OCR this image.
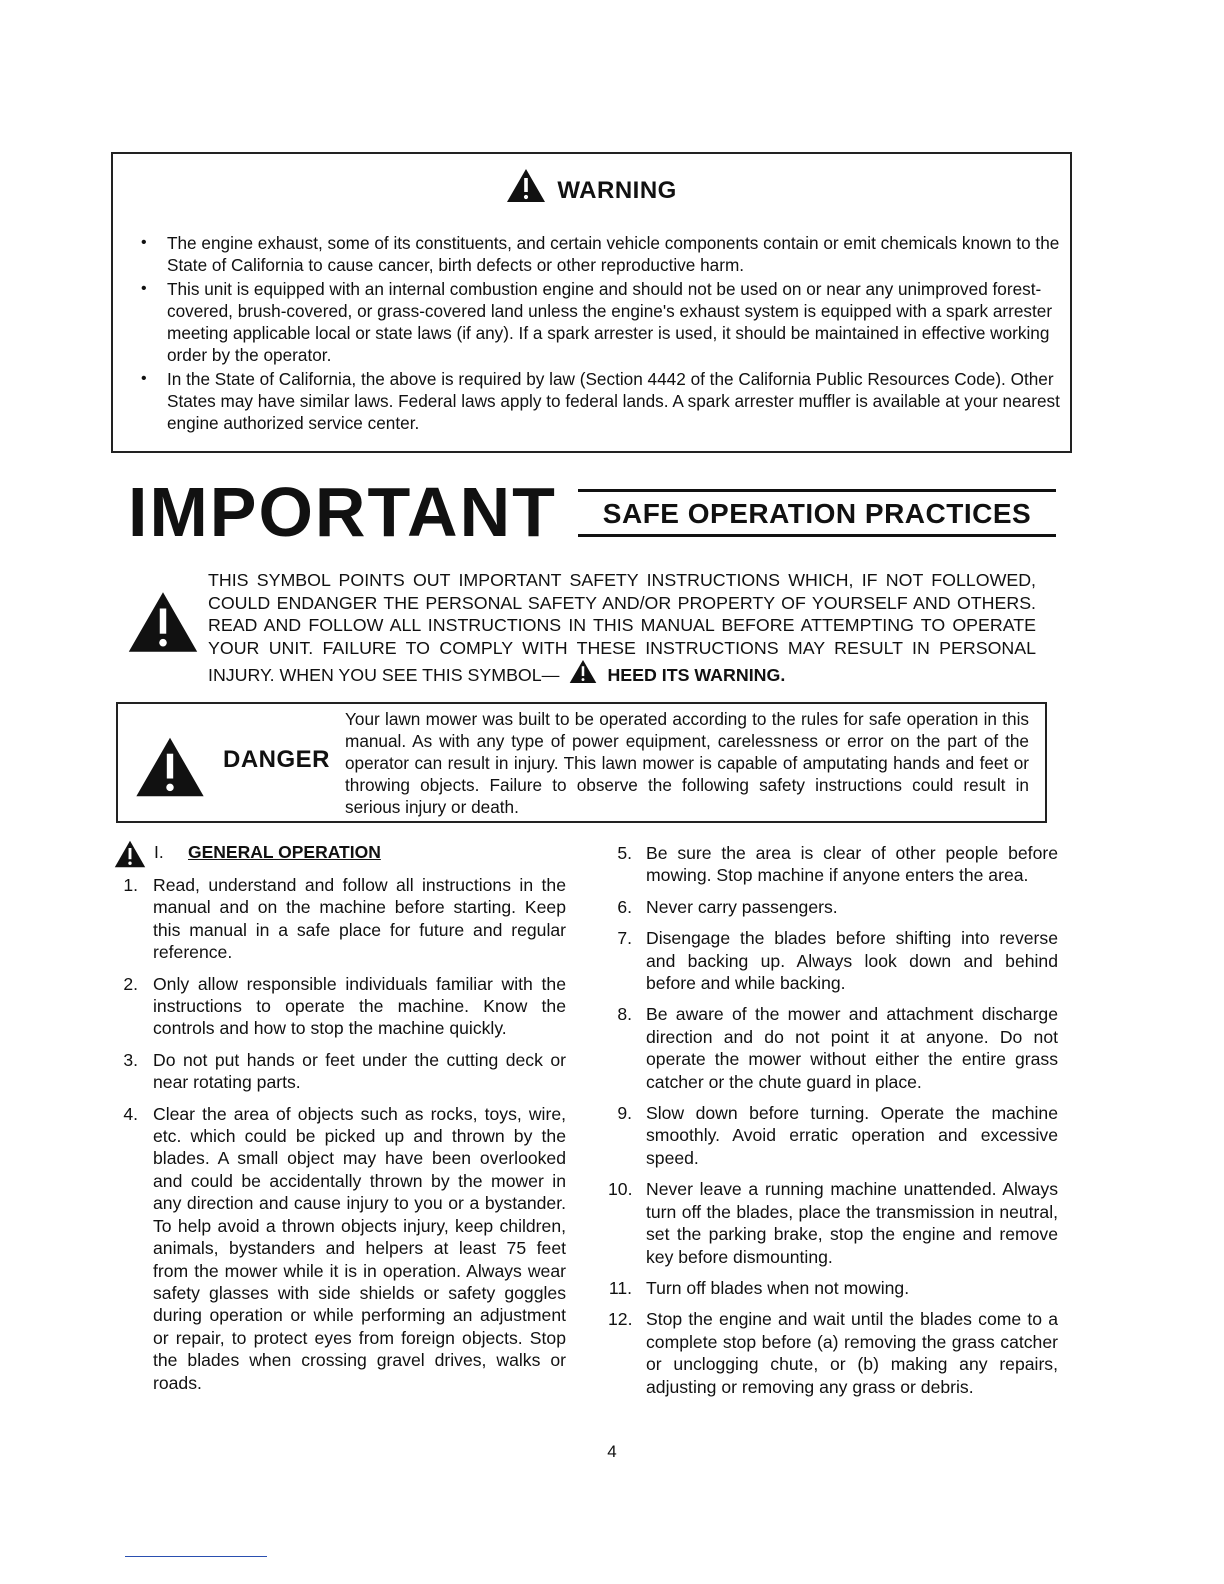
WARNING
• The engine exhaust, some of its constituents, and certain vehicle components contain or emit chemicals known to the State of California to cause cancer, birth defects or other reproductive harm.
• This unit is equipped with an internal combustion engine and should not be used on or near any unimproved forest-covered, brush-covered, or grass-covered land unless the engine's exhaust system is equipped with a spark arrester meeting applicable local or state laws (if any). If a spark arrester is used, it should be maintained in effective working order by the operator.
• In the State of California, the above is required by law (Section 4442 of the California Public Resources Code). Other States may have similar laws. Federal laws apply to federal lands. A spark arrester muffler is available at your nearest engine authorized service center.
IMPORTANT	SAFE OPERATION PRACTICES
THIS SYMBOL POINTS OUT IMPORTANT SAFETY INSTRUCTIONS WHICH, IF NOT FOLLOWED, COULD ENDANGER THE PERSONAL SAFETY AND/OR PROPERTY OF YOURSELF AND OTHERS. READ AND FOLLOW ALL INSTRUCTIONS IN THIS MANUAL BEFORE ATTEMPTING TO OPERATE YOUR UNIT. FAILURE TO COMPLY WITH THESE INSTRUCTIONS MAY RESULT IN PERSONAL INJURY. WHEN YOU SEE THIS SYMBOL—	HEED ITS WARNING.
DANGER
Your lawn mower was built to be operated according to the rules for safe operation in this manual. As with any type of power equipment, carelessness or error on the part of the operator can result in injury. This lawn mower is capable of amputating hands and feet or throwing objects. Failure to observe the following safety instructions could result in serious injury or death.
I. GENERAL OPERATION
1. Read, understand and follow all instructions in the manual and on the machine before starting. Keep this manual in a safe place for future and regular reference.
2. Only allow responsible individuals familiar with the instructions to operate the machine. Know the controls and how to stop the machine quickly.
3. Do not put hands or feet under the cutting deck or near rotating parts.
4. Clear the area of objects such as rocks, toys, wire, etc. which could be picked up and thrown by the blades. A small object may have been overlooked and could be accidentally thrown by the mower in any direction and cause injury to you or a bystander. To help avoid a thrown objects injury, keep children, animals, bystanders and helpers at least 75 feet from the mower while it is in operation. Always wear safety glasses with side shields or safety goggles during operation or while performing an adjustment or repair, to protect eyes from foreign objects. Stop the blades when crossing gravel drives, walks or roads.
5. Be sure the area is clear of other people before mowing. Stop machine if anyone enters the area.
6. Never carry passengers.
7. Disengage the blades before shifting into reverse and backing up. Always look down and behind before and while backing.
8. Be aware of the mower and attachment discharge direction and do not point it at anyone. Do not operate the mower without either the entire grass catcher or the chute guard in place.
9. Slow down before turning. Operate the machine smoothly. Avoid erratic operation and excessive speed.
10. Never leave a running machine unattended. Always turn off the blades, place the transmission in neutral, set the parking brake, stop the engine and remove key before dismounting.
11. Turn off blades when not mowing.
12. Stop the engine and wait until the blades come to a complete stop before (a) removing the grass catcher or unclogging chute, or (b) making any repairs, adjusting or removing any grass or debris.
4
